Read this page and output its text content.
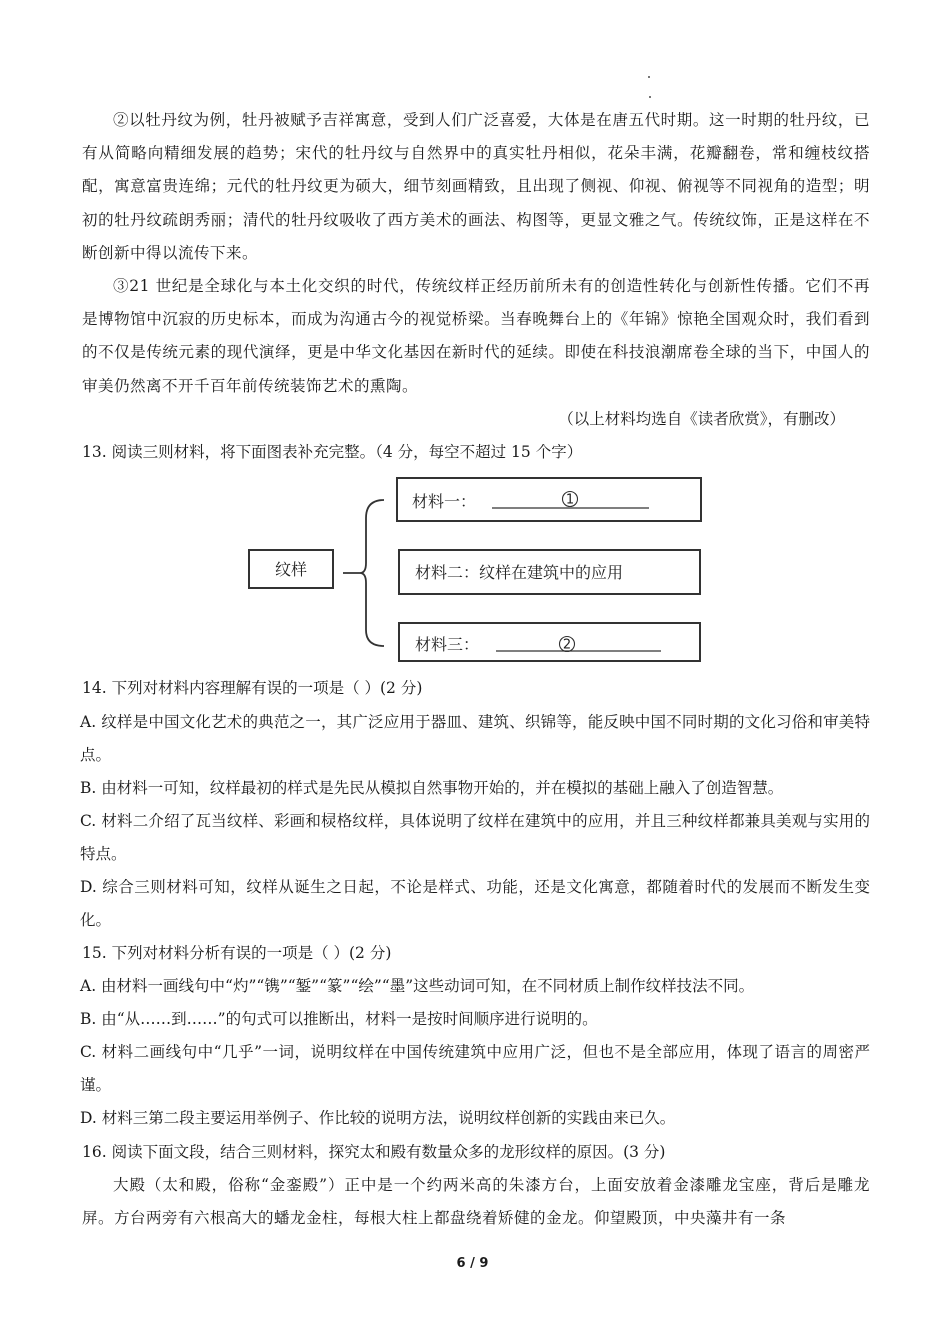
②以牡丹纹为例，牡丹被赋予吉祥寓意，受到人们广泛喜爱，大体是在唐五代时期。这一时期的牡丹纹，已有从简略向精细发展的趋势；宋代的牡丹纹与自然界中的真实牡丹相似，花朵丰满，花瓣翻卷，常和缠枝纹搭配，寓意富贵连绵；元代的牡丹纹更为硕大，细节刻画精致，且出现了侧视、仰视、俯视等不同视角的造型；明初的牡丹纹疏朗秀丽；清代的牡丹纹吸收了西方美术的画法、构图等，更显文雅之气。传统纹饰，正是这样在不断创新中得以流传下来。

③21 世纪是全球化与本土化交织的时代，传统纹样正经历前所未有的创造性转化与创新性传播。它们不再是博物馆中沉寂的历史标本，而成为沟通古今的视觉桥梁。当春晚舞台上的《年锦》惊艳全国观众时，我们看到的不仅是传统元素的现代演绎，更是中华文化基因在新时代的延续。即使在科技浪潮席卷全球的当下，中国人的审美仍然离不开千百年前传统装饰艺术的熏陶。

（以上材料均选自《读者欣赏》，有删改）

13. 阅读三则材料，将下面图表补充完整。（4 分，每空不超过 15 个字）

纹样
材料一：	1
材料二：纹样在建筑中的应用
材料三：	2

14. 下列对材料内容理解有误的一项是（ ）(2 分)

A. 纹样是中国文化艺术的典范之一，其广泛应用于器皿、建筑、织锦等，能反映中国不同时期的文化习俗和审美特点。

B. 由材料一可知，纹样最初的样式是先民从模拟自然事物开始的，并在模拟的基础上融入了创造智慧。

C. 材料二介绍了瓦当纹样、彩画和棂格纹样，具体说明了纹样在建筑中的应用，并且三种纹样都兼具美观与实用的特点。

D. 综合三则材料可知，纹样从诞生之日起，不论是样式、功能，还是文化寓意，都随着时代的发展而不断发生变化。

15. 下列对材料分析有误的一项是（ ）(2 分)

A. 由材料一画线句中“灼”“镌”“錾”“篆”“绘”“墨”这些动词可知，在不同材质上制作纹样技法不同。

B. 由“从……到……”的句式可以推断出，材料一是按时间顺序进行说明的。

C. 材料二画线句中“几乎”一词，说明纹样在中国传统建筑中应用广泛，但也不是全部应用，体现了语言的周密严谨。

D. 材料三第二段主要运用举例子、作比较的说明方法，说明纹样创新的实践由来已久。

16. 阅读下面文段，结合三则材料，探究太和殿有数量众多的龙形纹样的原因。(3 分)

大殿（太和殿，俗称“金銮殿”）正中是一个约两米高的朱漆方台，上面安放着金漆雕龙宝座，背后是雕龙屏。方台两旁有六根高大的蟠龙金柱，每根大柱上都盘绕着矫健的金龙。仰望殿顶，中央藻井有一条

6 / 9
